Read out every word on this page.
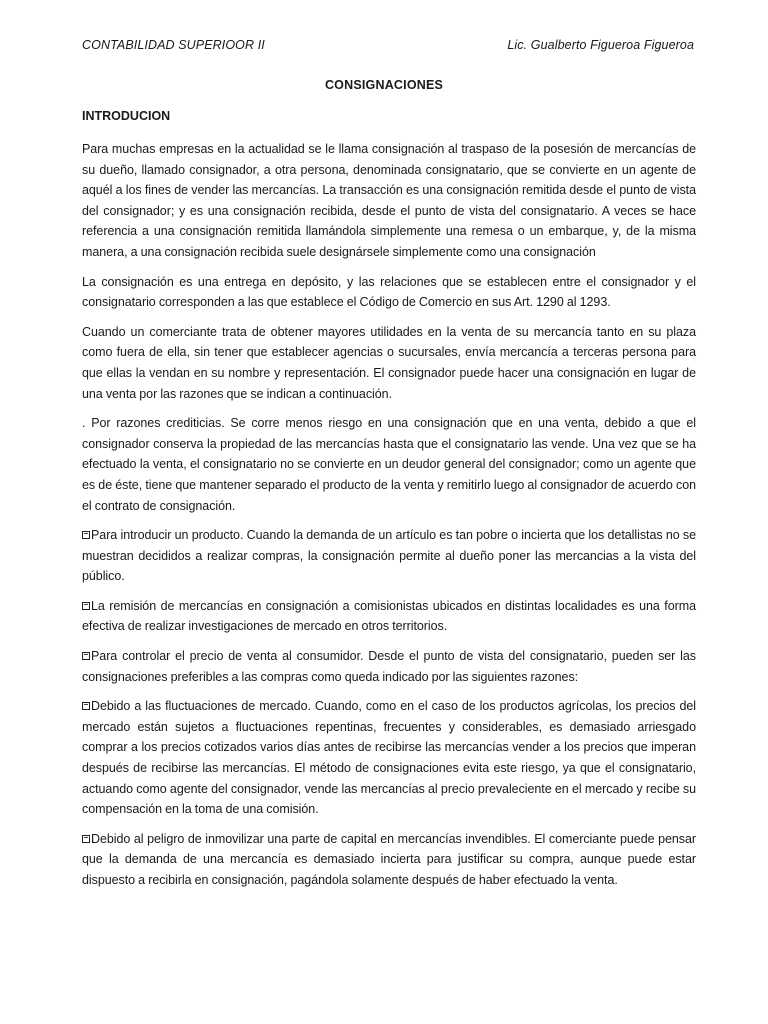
CONTABILIDAD SUPERIOOR II	Lic. Gualberto Figueroa Figueroa
CONSIGNACIONES
INTRODUCION

Para muchas empresas en la actualidad se le llama consignación al traspaso de la posesión de mercancías de su dueño, llamado consignador, a otra persona, denominada consignatario, que se convierte en un agente de aquél a los fines de vender las mercancías. La transacción es una consignación remitida desde el punto de vista del consignador; y es una consignación recibida, desde el punto de vista del consignatario. A veces se hace referencia a una consignación remitida llamándola simplemente una remesa o un embarque, y, de la misma manera, a una consignación recibida suele designársele simplemente como una consignación

La consignación es una entrega en depósito, y las relaciones que se establecen entre el consignador y el consignatario corresponden a las que establece el Código de Comercio en sus Art. 1290 al 1293.

Cuando un comerciante trata de obtener mayores utilidades en la venta de su mercancía tanto en su plaza como fuera de ella, sin tener que establecer agencias o sucursales, envía mercancía a terceras persona para que ellas la vendan en su nombre y representación. El consignador puede hacer una consignación en lugar de una venta por las razones que se indican a continuación.

. Por razones crediticias. Se corre menos riesgo en una consignación que en una venta, debido a que el consignador conserva la propiedad de las mercancías hasta que el consignatario las vende. Una vez que se ha efectuado la venta, el consignatario no se convierte en un deudor general del consignador; como un agente que es de éste, tiene que mantener separado el producto de la venta y remitirlo luego al consignador de acuerdo con el contrato de consignación.

Para introducir un producto. Cuando la demanda de un artículo es tan pobre o incierta que los detallistas no se muestran decididos a realizar compras, la consignación permite al dueño poner las mercancias a la vista del público.

La remisión de mercancías en consignación a comisionistas ubicados en distintas localidades es una forma efectiva de realizar investigaciones de mercado en otros territorios.

Para controlar el precio de venta al consumidor. Desde el punto de vista del consignatario, pueden ser las consignaciones preferibles a las compras como queda indicado por las siguientes razones:

Debido a las fluctuaciones de mercado. Cuando, como en el caso de los productos agrícolas, los precios del mercado están sujetos a fluctuaciones repentinas, frecuentes y considerables, es demasiado arriesgado comprar a los precios cotizados varios días antes de recibirse las mercancías vender a los precios que imperan después de recibirse las mercancías. El método de consignaciones evita este riesgo, ya que el consignatario, actuando como agente del consignador, vende las mercancías al precio prevaleciente en el mercado y recibe su compensación en la toma de una comisión.

Debido al peligro de inmovilizar una parte de capital en mercancías invendibles. El comerciante puede pensar que la demanda de una mercancía es demasiado incierta para justificar su compra, aunque puede estar dispuesto a recibirla en consignación, pagándola solamente después de haber efectuado la venta.
